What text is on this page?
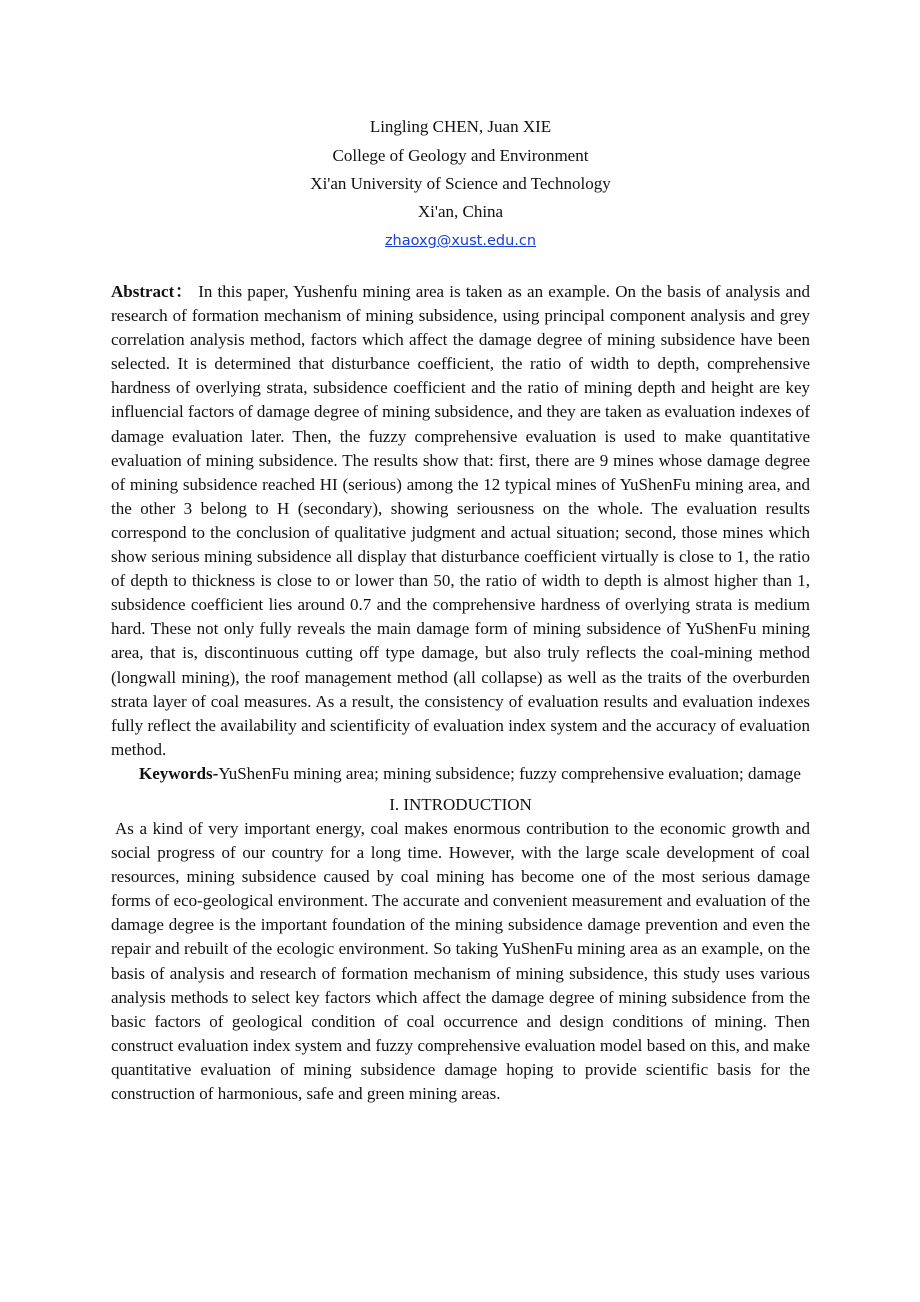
Lingling CHEN, Juan XIE
College of Geology and Environment
Xi'an University of Science and Technology
Xi'an, China
zhaoxg@xust.edu.cn
Abstract： In this paper, Yushenfu mining area is taken as an example. On the basis of analysis and research of formation mechanism of mining subsidence, using principal component analysis and grey correlation analysis method, factors which affect the damage degree of mining subsidence have been selected. It is determined that disturbance coefficient, the ratio of width to depth, comprehensive hardness of overlying strata, subsidence coefficient and the ratio of mining depth and height are key influencial factors of damage degree of mining subsidence, and they are taken as evaluation indexes of damage evaluation later. Then, the fuzzy comprehensive evaluation is used to make quantitative evaluation of mining subsidence. The results show that: first, there are 9 mines whose damage degree of mining subsidence reached HI (serious) among the 12 typical mines of YuShenFu mining area, and the other 3 belong to H (secondary), showing seriousness on the whole. The evaluation results correspond to the conclusion of qualitative judgment and actual situation; second, those mines which show serious mining subsidence all display that disturbance coefficient virtually is close to 1, the ratio of depth to thickness is close to or lower than 50, the ratio of width to depth is almost higher than 1, subsidence coefficient lies around 0.7 and the comprehensive hardness of overlying strata is medium hard. These not only fully reveals the main damage form of mining subsidence of YuShenFu mining area, that is, discontinuous cutting off type damage, but also truly reflects the coal-mining method (longwall mining), the roof management method (all collapse) as well as the traits of the overburden strata layer of coal measures. As a result, the consistency of evaluation results and evaluation indexes fully reflect the availability and scientificity of evaluation index system and the accuracy of evaluation method.
Keywords-YuShenFu mining area; mining subsidence; fuzzy comprehensive evaluation; damage
I. INTRODUCTION
As a kind of very important energy, coal makes enormous contribution to the economic growth and social progress of our country for a long time. However, with the large scale development of coal resources, mining subsidence caused by coal mining has become one of the most serious damage forms of eco-geological environment. The accurate and convenient measurement and evaluation of the damage degree is the important foundation of the mining subsidence damage prevention and even the repair and rebuilt of the ecologic environment. So taking YuShenFu mining area as an example, on the basis of analysis and research of formation mechanism of mining subsidence, this study uses various analysis methods to select key factors which affect the damage degree of mining subsidence from the basic factors of geological condition of coal occurrence and design conditions of mining. Then construct evaluation index system and fuzzy comprehensive evaluation model based on this, and make quantitative evaluation of mining subsidence damage hoping to provide scientific basis for the construction of harmonious, safe and green mining areas.
